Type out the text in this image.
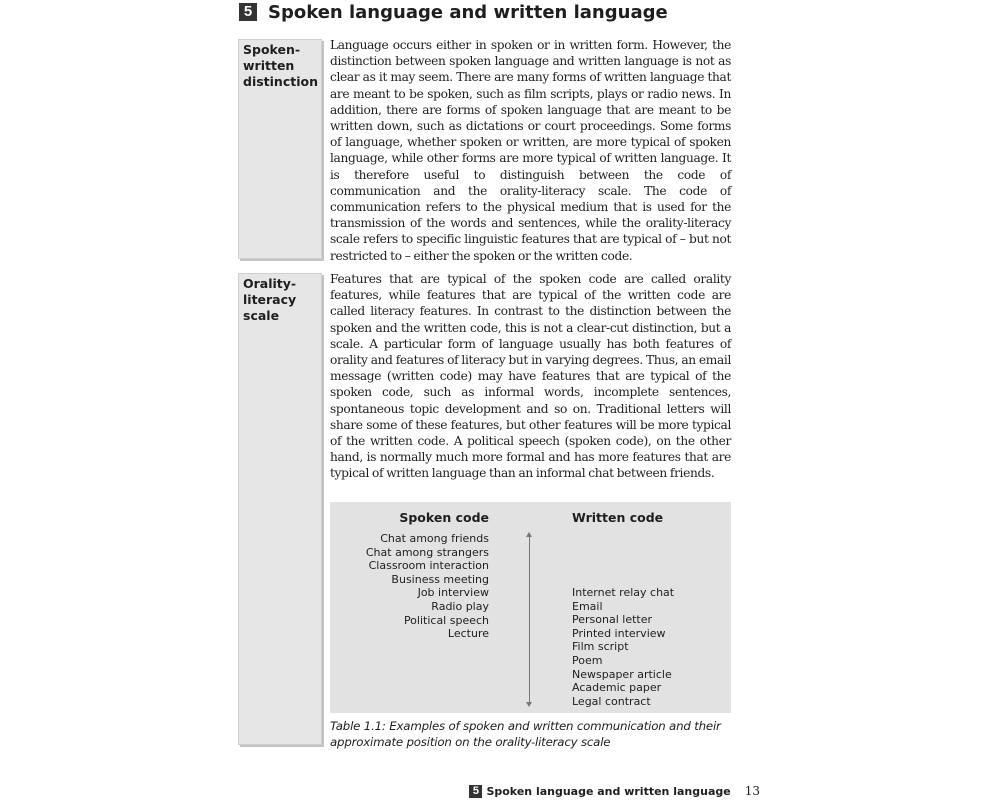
5 Spoken language and written language
Spoken-
written
distinction
Orality-
literacy
scale

Language occurs either in spoken or in written form. However, the distinction between spoken language and written language is not as clear as it may seem. There are many forms of written language that are meant to be spoken, such as film scripts, plays or radio news. In addition, there are forms of spoken language that are meant to be written down, such as dictations or court proceedings. Some forms of language, whether spoken or written, are more typical of spoken language, while other forms are more typical of written language. It is therefore useful to distinguish between the code of communication and the orality-literacy scale. The code of communication refers to the physical medium that is used for the transmission of the words and sentences, while the orality-literacy scale refers to specific linguistic features that are typical of – but not restricted to – either the spoken or the written code.

Features that are typical of the spoken code are called orality features, while features that are typical of the written code are called literacy features. In contrast to the distinction between the spoken and the written code, this is not a clear-cut distinction, but a scale. A particular form of language usually has both features of orality and features of literacy but in varying degrees. Thus, an email message (written code) may have features that are typical of the spoken code, such as informal words, incomplete sentences, spontaneous topic development and so on. Traditional letters will share some of these features, but other features will be more typical of the written code. A political speech (spoken code), on the other hand, is normally much more formal and has more features that are typical of written language than an informal chat between friends.

Spoken code	Written code
Chat among friends
Chat among strangers
Classroom interaction
Business meeting
Job interview
Radio play
Political speech
Lecture
Internet relay chat
Email
Personal letter
Printed interview
Film script
Poem
Newspaper article
Academic paper
Legal contract

Table 1.1: Examples of spoken and written communication and their approximate position on the orality-literacy scale

5 Spoken language and written language 13
